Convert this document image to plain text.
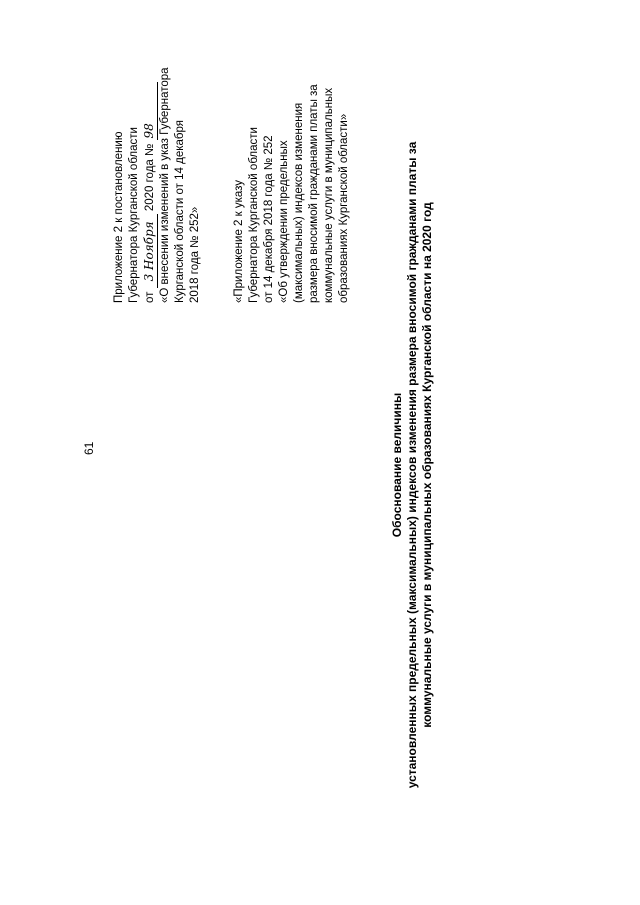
61
Приложение 2 к постановлению Губернатора Курганской области от 3 Ноября 2020 года № 98 «О внесении изменений в указ Губернатора Курганской области от 14 декабря 2018 года № 252»	«Приложение 2 к указу Губернатора Курганской области от 14 декабря 2018 года № 252 «Об утверждении предельных (максимальных) индексов изменения размера вносимой гражданами платы за коммунальные услуги в муниципальных образованиях Курганской области»
Обоснование величины установленных предельных (максимальных) индексов изменения размера вносимой гражданами платы за коммунальные услуги в муниципальных образованиях Курганской области на 2020 год
